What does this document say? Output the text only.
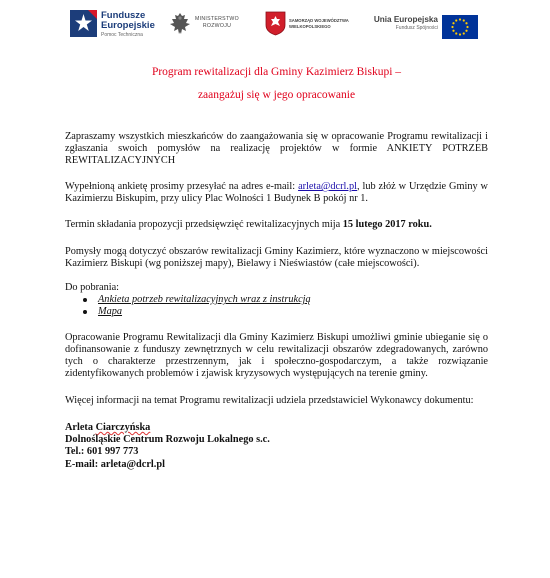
Fundusze
Europejskie
Pomoc Techniczna
MINISTERSTWO
ROZWOJU
SAMORZĄD WOJEWÓDZTWA
WIELKOPOLSKIEGO
Unia Europejska
Fundusz Spójności
Program rewitalizacji dla Gminy Kazimierz Biskupi –
zaangażuj się w jego opracowanie

Zapraszamy wszystkich mieszkańców do zaangażowania się w opracowanie Programu rewitalizacji i zgłaszania swoich pomysłów na realizację projektów w formie ANKIETY POTRZEB REWITALIZACYJNYCH

Wypełnioną ankietę prosimy przesyłać na adres e-mail: arleta@dcrl.pl, lub złóż w Urzędzie Gminy w Kazimierzu Biskupim, przy ulicy Plac Wolności 1 Budynek B pokój nr 1.

Termin składania propozycji przedsięwzięć rewitalizacyjnych mija 15 lutego 2017 roku.

Pomysły mogą dotyczyć obszarów rewitalizacji Gminy Kazimierz, które wyznaczono w miejscowości Kazimierz Biskupi (wg poniższej mapy), Bielawy i Nieświastów (całe miejscowości).

Do pobrania:

Ankieta potrzeb rewitalizacyjnych wraz z instrukcją
Mapa

Opracowanie Programu Rewitalizacji dla Gminy Kazimierz Biskupi umożliwi gminie ubieganie się o dofinansowanie z funduszy zewnętrznych w celu rewitalizacji obszarów zdegradowanych, zarówno tych o charakterze przestrzennym, jak i społeczno-gospodarczym, a także rozwiązanie zidentyfikowanych problemów i zjawisk kryzysowych występujących na terenie gminy.

Więcej informacji na temat Programu rewitalizacji udziela przedstawiciel Wykonawcy dokumentu:

Arleta Ciarczyńska
Dolnośląskie Centrum Rozwoju Lokalnego s.c.
Tel.: 601 997 773
E-mail: arleta@dcrl.pl
